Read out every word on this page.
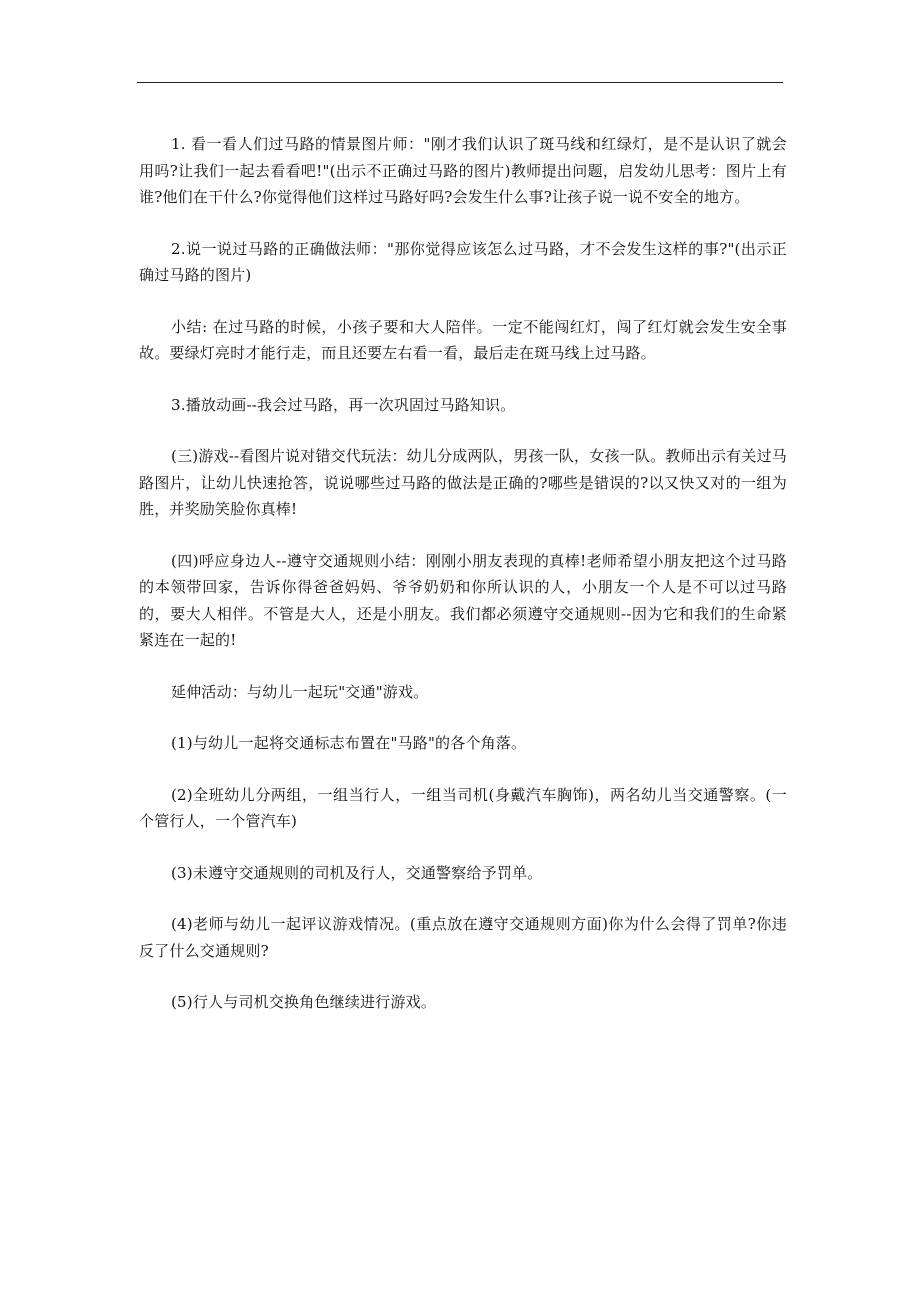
1. 看一看人们过马路的情景图片师："刚才我们认识了斑马线和红绿灯，是不是认识了就会用吗?让我们一起去看看吧!"(出示不正确过马路的图片)教师提出问题，启发幼儿思考：图片上有谁?他们在干什么?你觉得他们这样过马路好吗?会发生什么事?让孩子说一说不安全的地方。

2.说一说过马路的正确做法师："那你觉得应该怎么过马路，才不会发生这样的事?"(出示正确过马路的图片)

小结: 在过马路的时候，小孩子要和大人陪伴。一定不能闯红灯，闯了红灯就会发生安全事故。要绿灯亮时才能行走，而且还要左右看一看，最后走在斑马线上过马路。

3.播放动画--我会过马路，再一次巩固过马路知识。

(三)游戏--看图片说对错交代玩法：幼儿分成两队，男孩一队，女孩一队。教师出示有关过马路图片，让幼儿快速抢答，说说哪些过马路的做法是正确的?哪些是错误的?以又快又对的一组为胜，并奖励笑脸你真棒!

(四)呼应身边人--遵守交通规则小结：刚刚小朋友表现的真棒!老师希望小朋友把这个过马路的本领带回家，告诉你得爸爸妈妈、爷爷奶奶和你所认识的人，小朋友一个人是不可以过马路的，要大人相伴。不管是大人，还是小朋友。我们都必须遵守交通规则--因为它和我们的生命紧紧连在一起的!

延伸活动：与幼儿一起玩"交通"游戏。

(1)与幼儿一起将交通标志布置在"马路"的各个角落。

(2)全班幼儿分两组，一组当行人，一组当司机(身戴汽车胸饰)，两名幼儿当交通警察。(一个管行人，一个管汽车)

(3)未遵守交通规则的司机及行人，交通警察给予罚单。

(4)老师与幼儿一起评议游戏情况。(重点放在遵守交通规则方面)你为什么会得了罚单?你违反了什么交通规则?

(5)行人与司机交换角色继续进行游戏。
